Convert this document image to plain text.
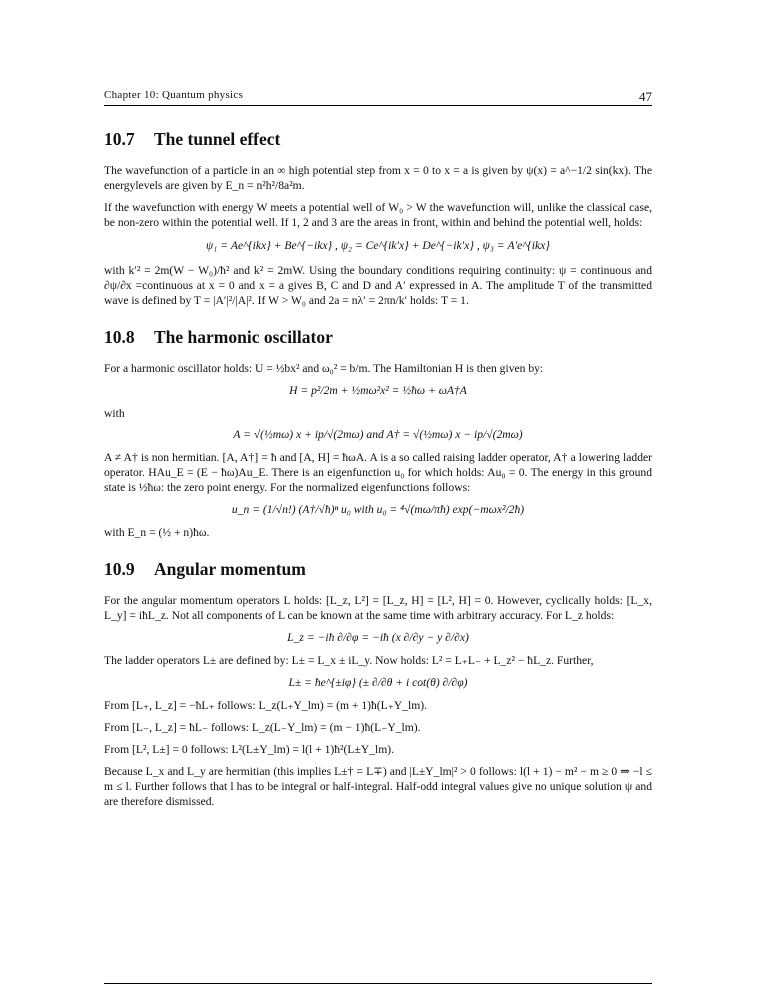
Chapter 10: Quantum physics	47
10.7 The tunnel effect

The wavefunction of a particle in an ∞ high potential step from x = 0 to x = a is given by ψ(x) = a^−1/2 sin(kx). The energylevels are given by E_n = n²h²/8a²m.

If the wavefunction with energy W meets a potential well of W₀ > W the wavefunction will, unlike the classical case, be non-zero within the potential well. If 1, 2 and 3 are the areas in front, within and behind the potential well, holds:

ψ₁ = Ae^{ikx} + Be^{−ikx} , ψ₂ = Ce^{ik′x} + De^{−ik′x} , ψ₃ = A′e^{ikx}

with k′² = 2m(W − W₀)/ħ² and k² = 2mW. Using the boundary conditions requiring continuity: ψ = continuous and ∂ψ/∂x =continuous at x = 0 and x = a gives B, C and D and A′ expressed in A. The amplitude T of the transmitted wave is defined by T = |A′|²/|A|². If W > W₀ and 2a = nλ′ = 2πn/k′ holds: T = 1.

10.8 The harmonic oscillator

For a harmonic oscillator holds: U = ½bx² and ω₀² = b/m. The Hamiltonian H is then given by:

H = p²/2m + ½mω²x² = ½ħω + ωA†A

with

A = √(½mω) x + ip/√(2mω) and A† = √(½mω) x − ip/√(2mω)

A ≠ A† is non hermitian. [A, A†] = ħ and [A, H] = ħωA. A is a so called raising ladder operator, A† a lowering ladder operator. HAu_E = (E − ħω)Au_E. There is an eigenfunction u₀ for which holds: Au₀ = 0. The energy in this ground state is ½ħω: the zero point energy. For the normalized eigenfunctions follows:

u_n = (1/√n!) (A†/√ħ)ⁿ u₀ with u₀ = ⁴√(mω/πħ) exp(−mωx²/2ħ)

with E_n = (½ + n)ħω.

10.9 Angular momentum

For the angular momentum operators L holds: [L_z, L²] = [L_z, H] = [L², H] = 0. However, cyclically holds: [L_x, L_y] = iħL_z. Not all components of L can be known at the same time with arbitrary accuracy. For L_z holds:

L_z = −iħ ∂/∂φ = −iħ (x ∂/∂y − y ∂/∂x)

The ladder operators L± are defined by: L± = L_x ± iL_y. Now holds: L² = L₊L₋ + L_z² − ħL_z. Further,

L± = ħe^{±iφ} (± ∂/∂θ + i cot(θ) ∂/∂φ)

From [L₊, L_z] = −ħL₊ follows: L_z(L₊Y_lm) = (m + 1)ħ(L₊Y_lm).

From [L₋, L_z] = ħL₋ follows: L_z(L₋Y_lm) = (m − 1)ħ(L₋Y_lm).

From [L², L±] = 0 follows: L²(L±Y_lm) = l(l + 1)ħ²(L±Y_lm).

Because L_x and L_y are hermitian (this implies L±† = L∓) and |L±Y_lm|² > 0 follows: l(l + 1) − m² − m ≥ 0 ⇒ −l ≤ m ≤ l. Further follows that l has to be integral or half-integral. Half-odd integral values give no unique solution ψ and are therefore dismissed.
